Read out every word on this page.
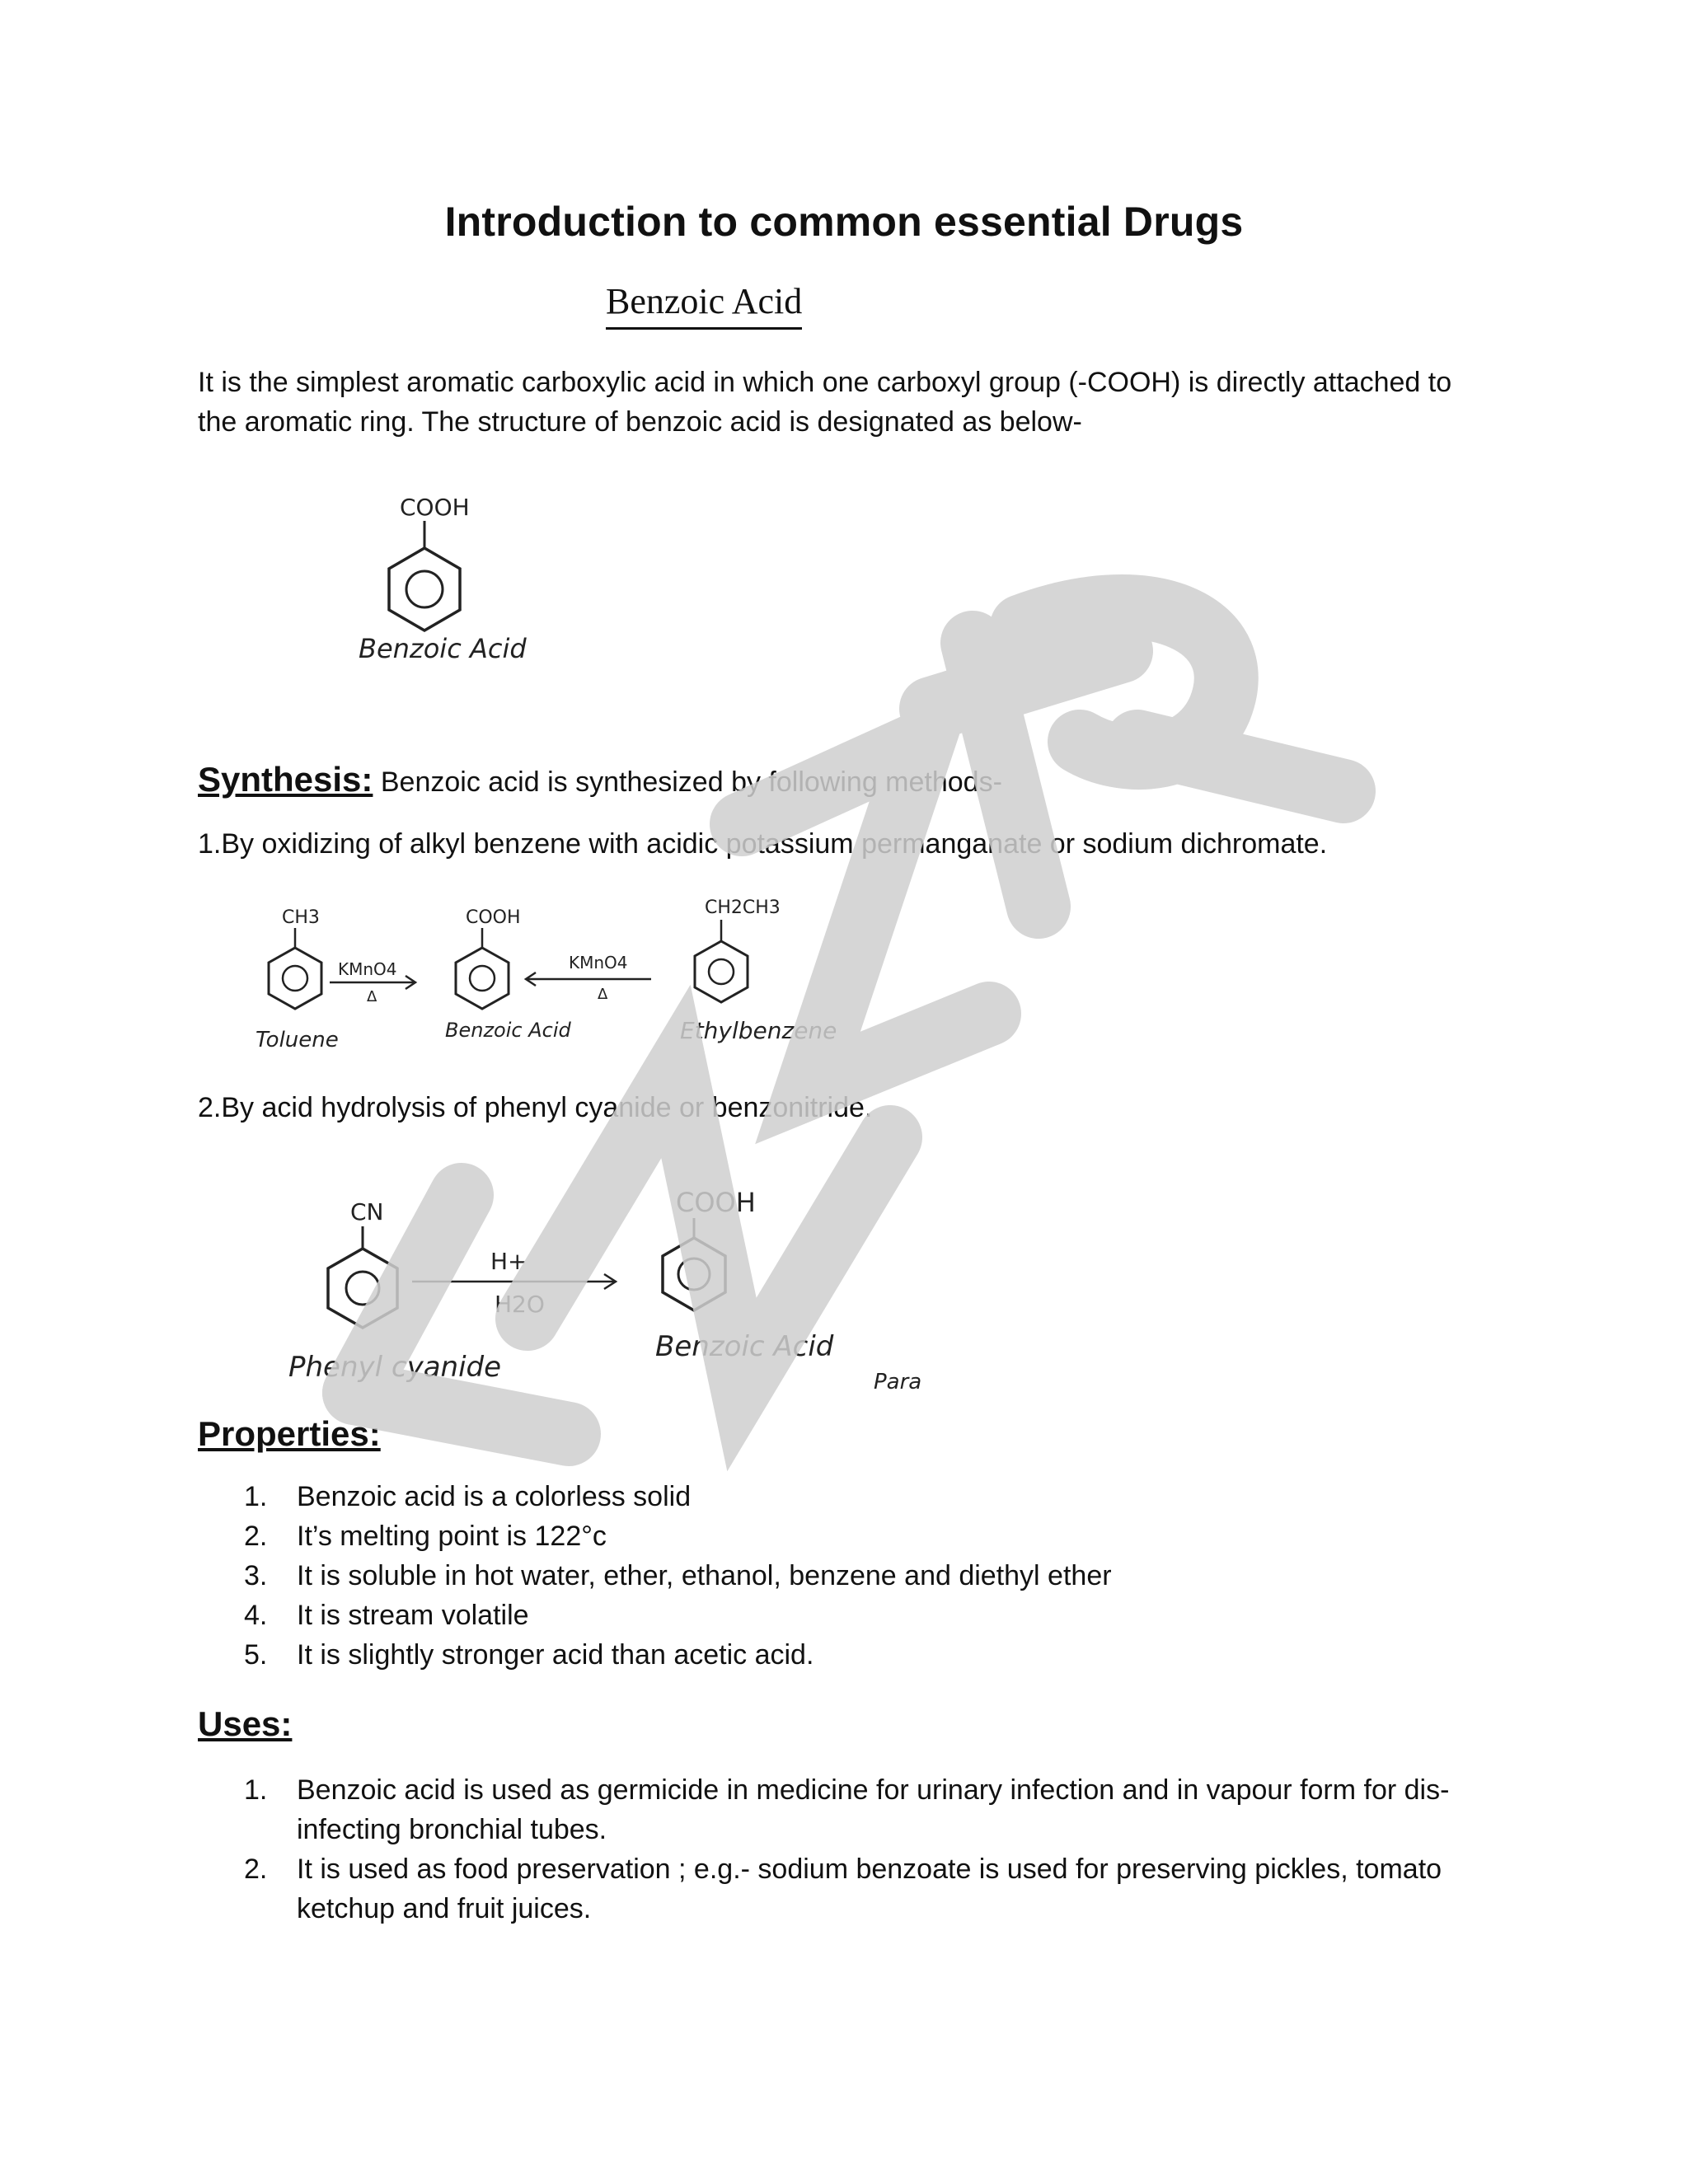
Introduction to common essential Drugs
Benzoic Acid
It is the simplest aromatic carboxylic acid in which one carboxyl group (-COOH) is directly attached to the aromatic ring. The structure of benzoic acid is designated as below-
COOH
Benzoic Acid
Synthesis: Benzoic acid is synthesized by following methods-
1.By oxidizing of alkyl benzene with acidic potassium permanganate or sodium dichromate.
CH3
Toluene
KMnO4
Δ
COOH
Benzoic Acid
KMnO4
Δ
CH2CH3
Ethylbenzene
2.By acid hydrolysis of phenyl cyanide or benzonitride.
CN
Phenyl cyanide
H+
H2O
COOH
Benzoic Acid
Para
Properties:
1. Benzoic acid is a colorless solid
2. It’s melting point is 122°c
3. It is soluble in hot water, ether, ethanol, benzene and diethyl ether
4. It is stream volatile
5. It is slightly stronger acid than acetic acid.
Uses:
1. Benzoic acid is used as germicide in medicine for urinary infection and in vapour form for dis-infecting bronchial tubes.
2. It is used as food preservation ; e.g.- sodium benzoate is used for preserving pickles, tomato ketchup and fruit juices.
